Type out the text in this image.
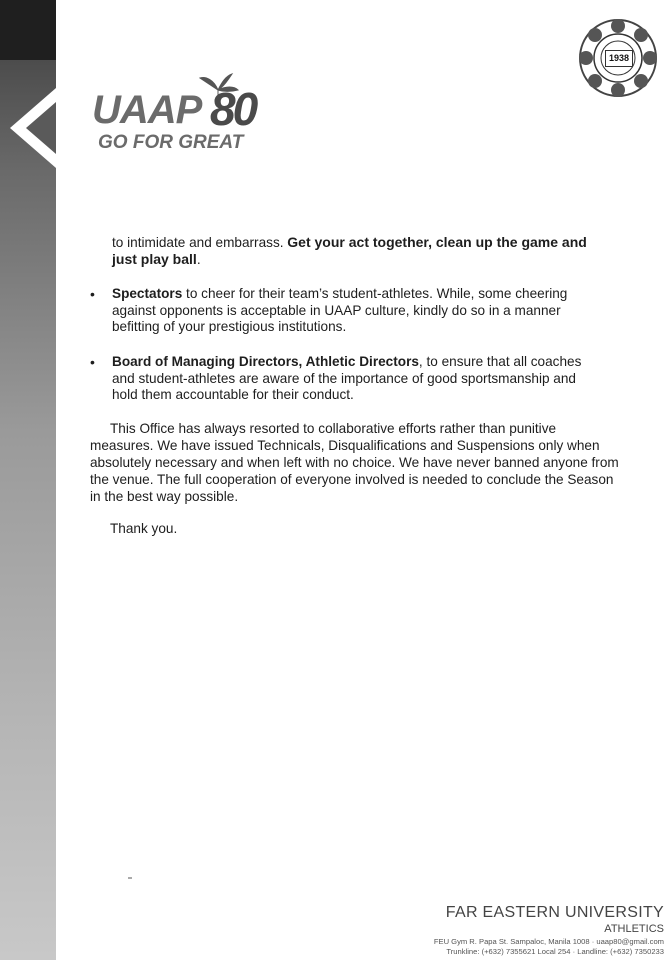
UAAP 80
GO FOR GREAT
1938
to intimidate and embarrass. Get your act together, clean up the game and
just play ball.
• Spectators to cheer for their team’s student-athletes. While, some cheering
against opponents is acceptable in UAAP culture, kindly do so in a manner
befitting of your prestigious institutions.
• Board of Managing Directors, Athletic Directors, to ensure that all coaches
and student-athletes are aware of the importance of good sportsmanship and
hold them accountable for their conduct.
This Office has always resorted to collaborative efforts rather than punitive
measures. We have issued Technicals, Disqualifications and Suspensions only when
absolutely necessary and when left with no choice. We have never banned anyone from
the venue. The full cooperation of everyone involved is needed to conclude the Season
in the best way possible.
Thank you.
FAR EASTERN UNIVERSITY
ATHLETICS
FEU Gym R. Papa St. Sampaloc, Manila 1008 · uaap80@gmail.com
Trunkline: (+632) 7355621 Local 254 · Landline: (+632) 7350233
